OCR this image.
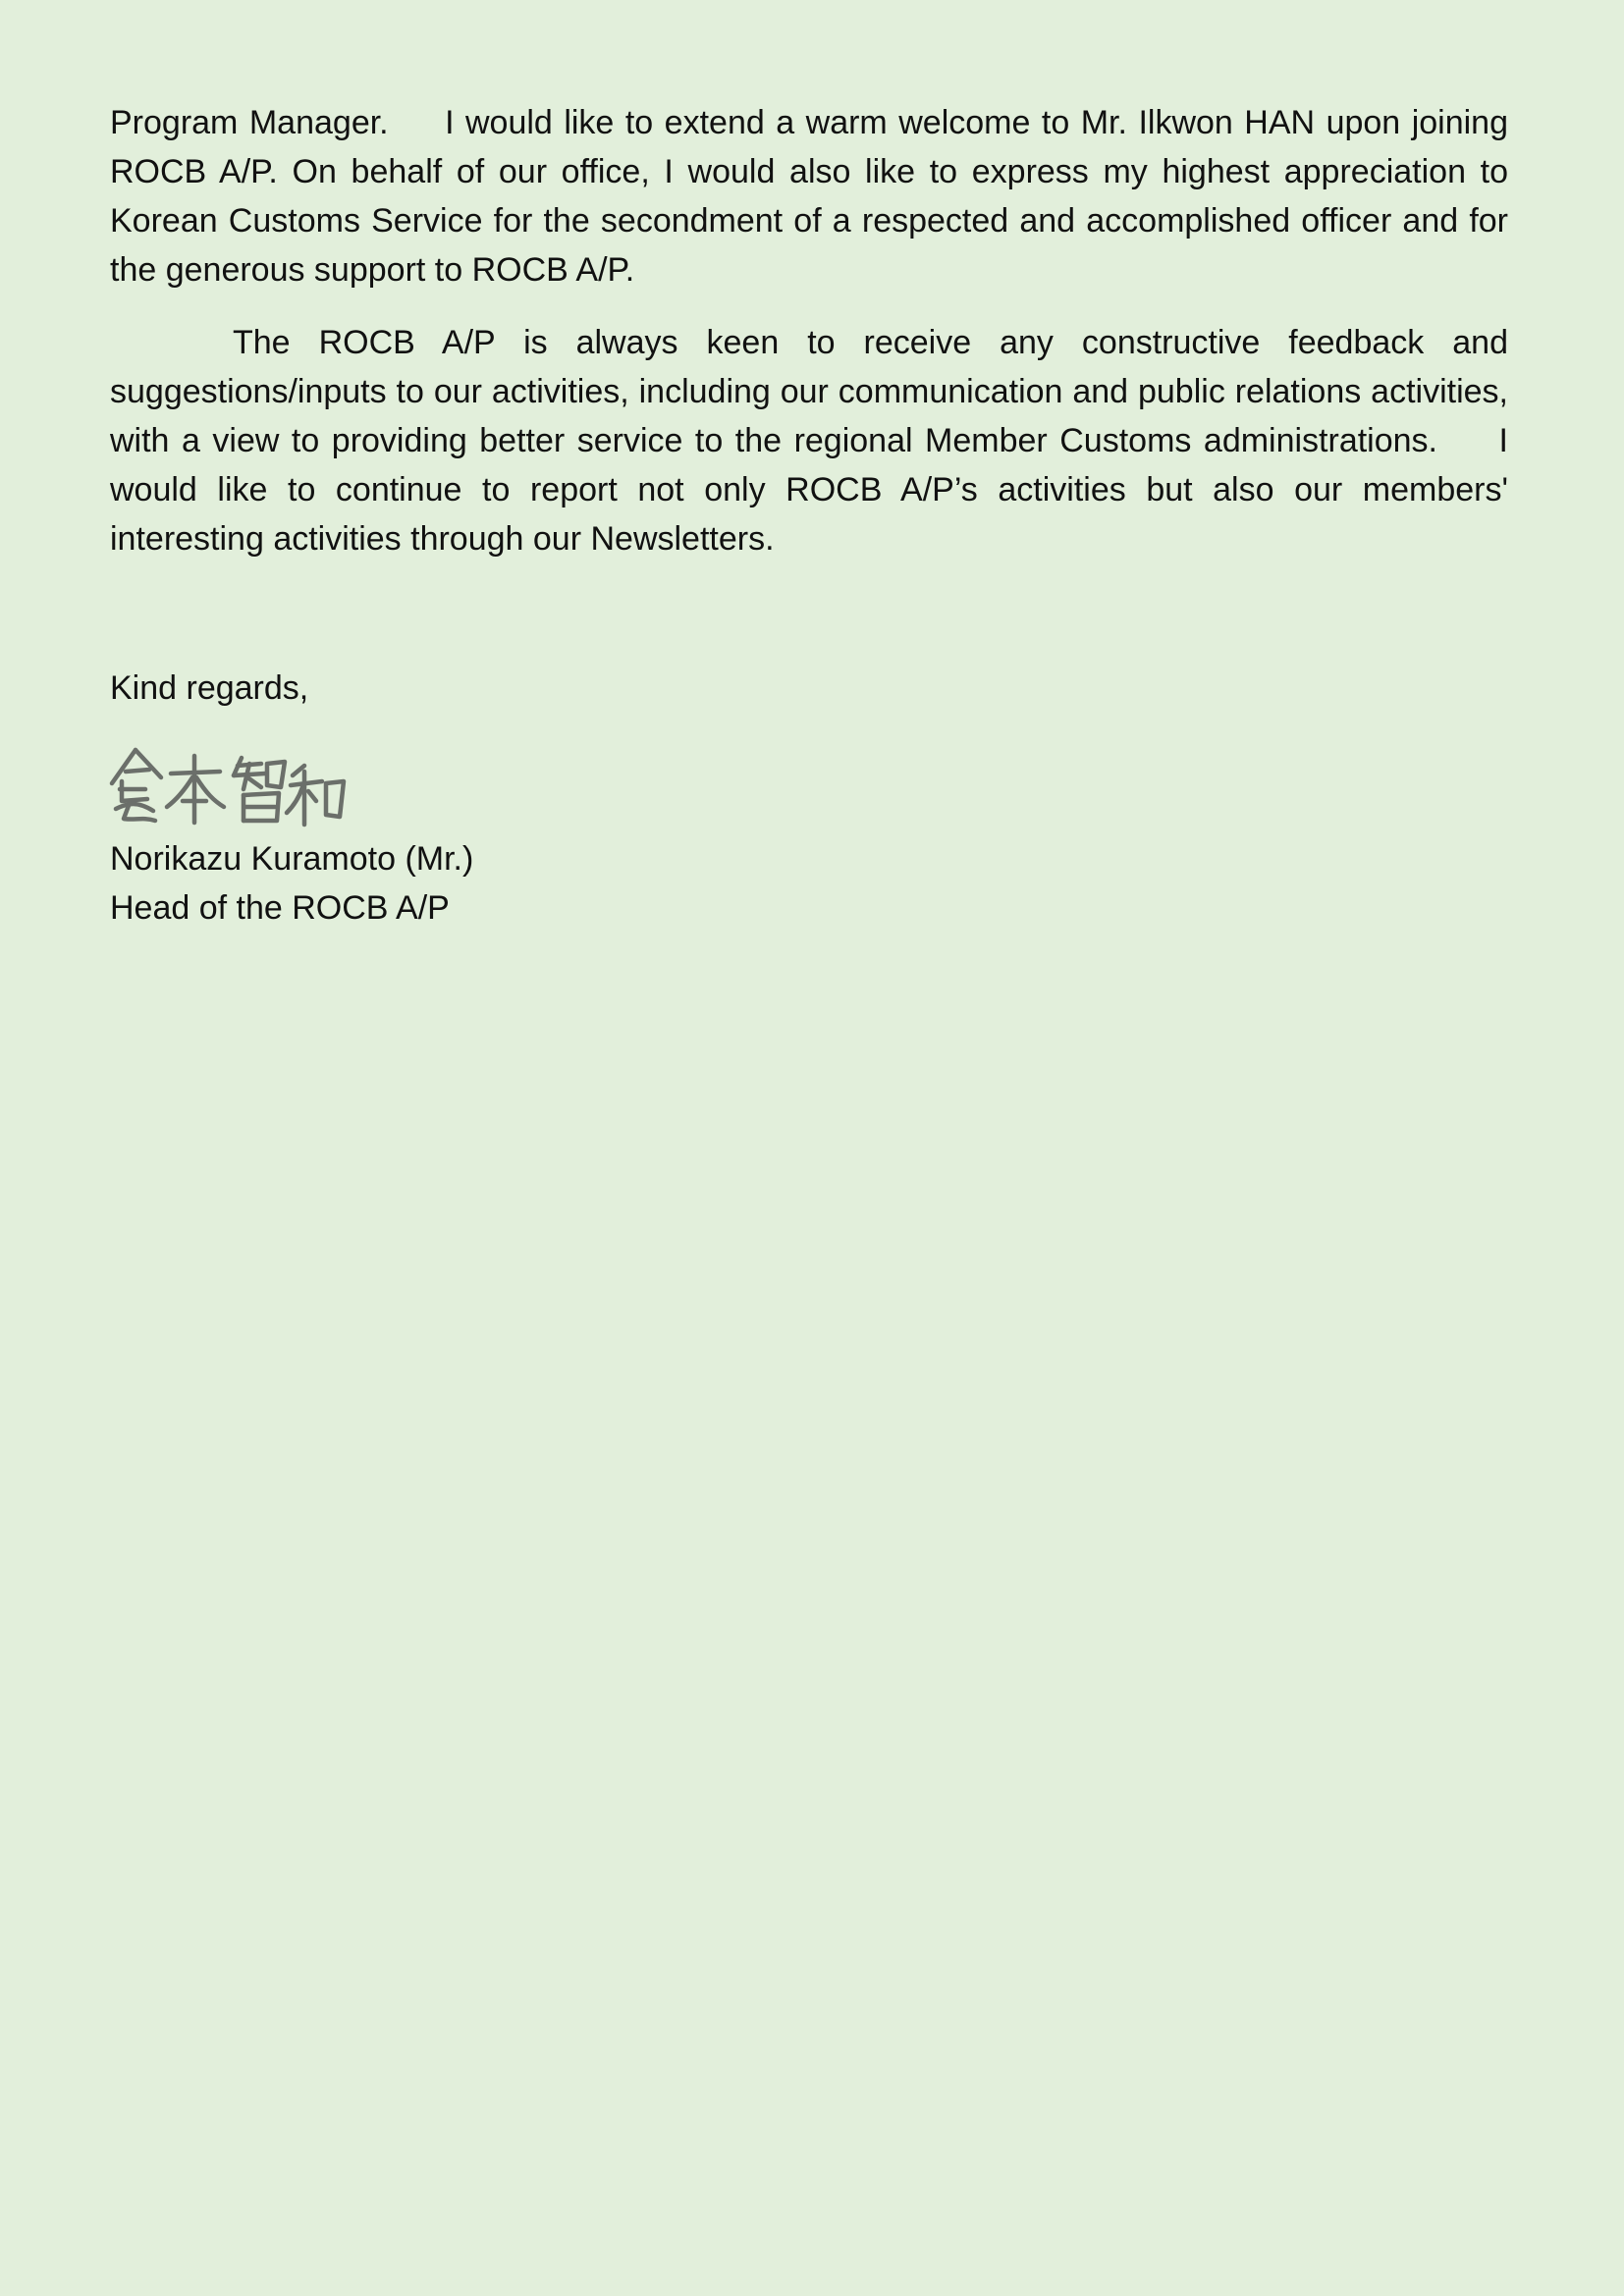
Program Manager.     I would like to extend a warm welcome to Mr. Ilkwon HAN upon joining ROCB A/P. On behalf of our office, I would also like to express my highest appreciation to Korean Customs Service for the secondment of a respected and accomplished officer and for the generous support to ROCB A/P.

The ROCB A/P is always keen to receive any constructive feedback and suggestions/inputs to our activities, including our communication and public relations activities, with a view to providing better service to the regional Member Customs administrations.     I would like to continue to report not only ROCB A/P’s activities but also our members' interesting activities through our Newsletters.

Kind regards,

Norikazu Kuramoto (Mr.)
Head of the ROCB A/P
